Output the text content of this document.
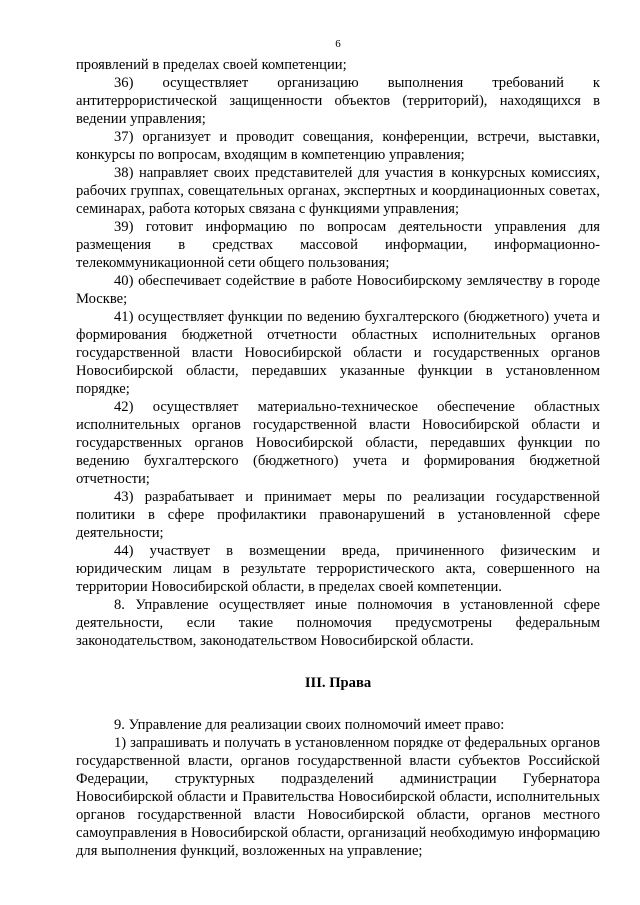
6

проявлений в пределах своей компетенции;

36) осуществляет организацию выполнения требований к антитеррористической защищенности объектов (территорий), находящихся в ведении управления;

37) организует и проводит совещания, конференции, встречи, выставки, конкурсы по вопросам, входящим в компетенцию управления;

38) направляет своих представителей для участия в конкурсных комиссиях, рабочих группах, совещательных органах, экспертных и координационных советах, семинарах, работа которых связана с функциями управления;

39) готовит информацию по вопросам деятельности управления для размещения в средствах массовой информации, информационно-телекоммуникационной сети общего пользования;

40) обеспечивает содействие в работе Новосибирскому землячеству в городе Москве;

41) осуществляет функции по ведению бухгалтерского (бюджетного) учета и формирования бюджетной отчетности областных исполнительных органов государственной власти Новосибирской области и государственных органов Новосибирской области, передавших указанные функции в установленном порядке;

42) осуществляет материально-техническое обеспечение областных исполнительных органов государственной власти Новосибирской области и государственных органов Новосибирской области, передавших функции по ведению бухгалтерского (бюджетного) учета и формирования бюджетной отчетности;

43) разрабатывает и принимает меры по реализации государственной политики в сфере профилактики правонарушений в установленной сфере деятельности;

44) участвует в возмещении вреда, причиненного физическим и юридическим лицам в результате террористического акта, совершенного на территории Новосибирской области, в пределах своей компетенции.

8. Управление осуществляет иные полномочия в установленной сфере деятельности, если такие полномочия предусмотрены федеральным законодательством, законодательством Новосибирской области.

III. Права

9. Управление для реализации своих полномочий имеет право:

1) запрашивать и получать в установленном порядке от федеральных органов государственной власти, органов государственной власти субъектов Российской Федерации, структурных подразделений администрации Губернатора Новосибирской области и Правительства Новосибирской области, исполнительных органов государственной власти Новосибирской области, органов местного самоуправления в Новосибирской области, организаций необходимую информацию для выполнения функций, возложенных на управление;
